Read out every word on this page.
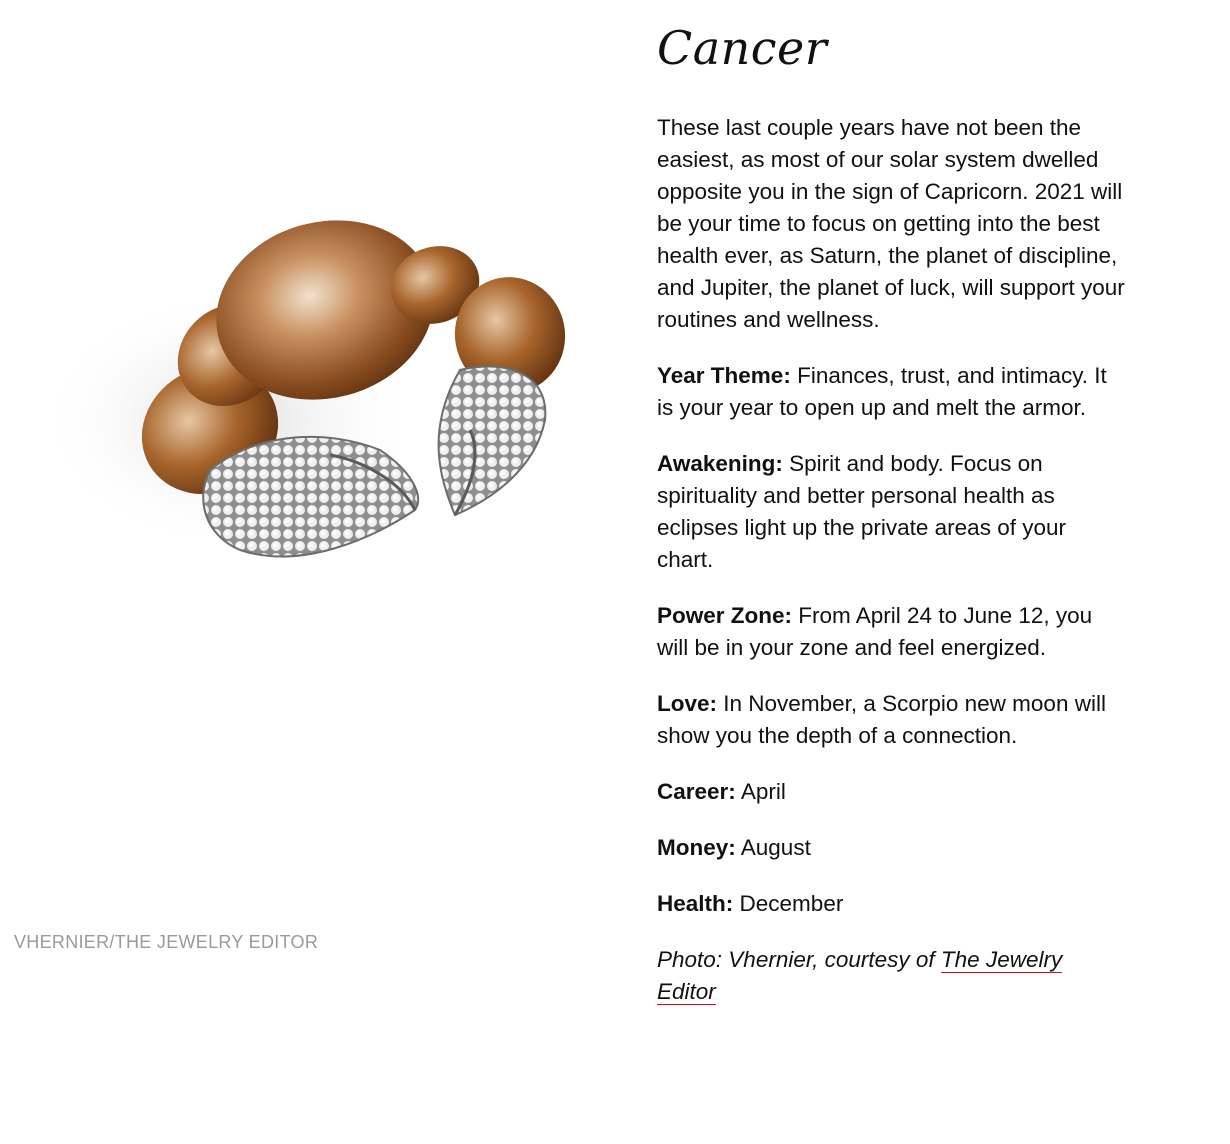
VHERNIER/THE JEWELRY EDITOR
Cancer

These last couple years have not been the easiest, as most of our solar system dwelled opposite you in the sign of Capricorn. 2021 will be your time to focus on getting into the best health ever, as Saturn, the planet of discipline, and Jupiter, the planet of luck, will support your routines and wellness.

Year Theme: Finances, trust, and intimacy. It is your year to open up and melt the armor.

Awakening: Spirit and body. Focus on spirituality and better personal health as eclipses light up the private areas of your chart.

Power Zone: From April 24 to June 12, you will be in your zone and feel energized.

Love: In November, a Scorpio new moon will show you the depth of a connection.

Career: April

Money: August

Health: December

Photo: Vhernier, courtesy of The Jewelry Editor
